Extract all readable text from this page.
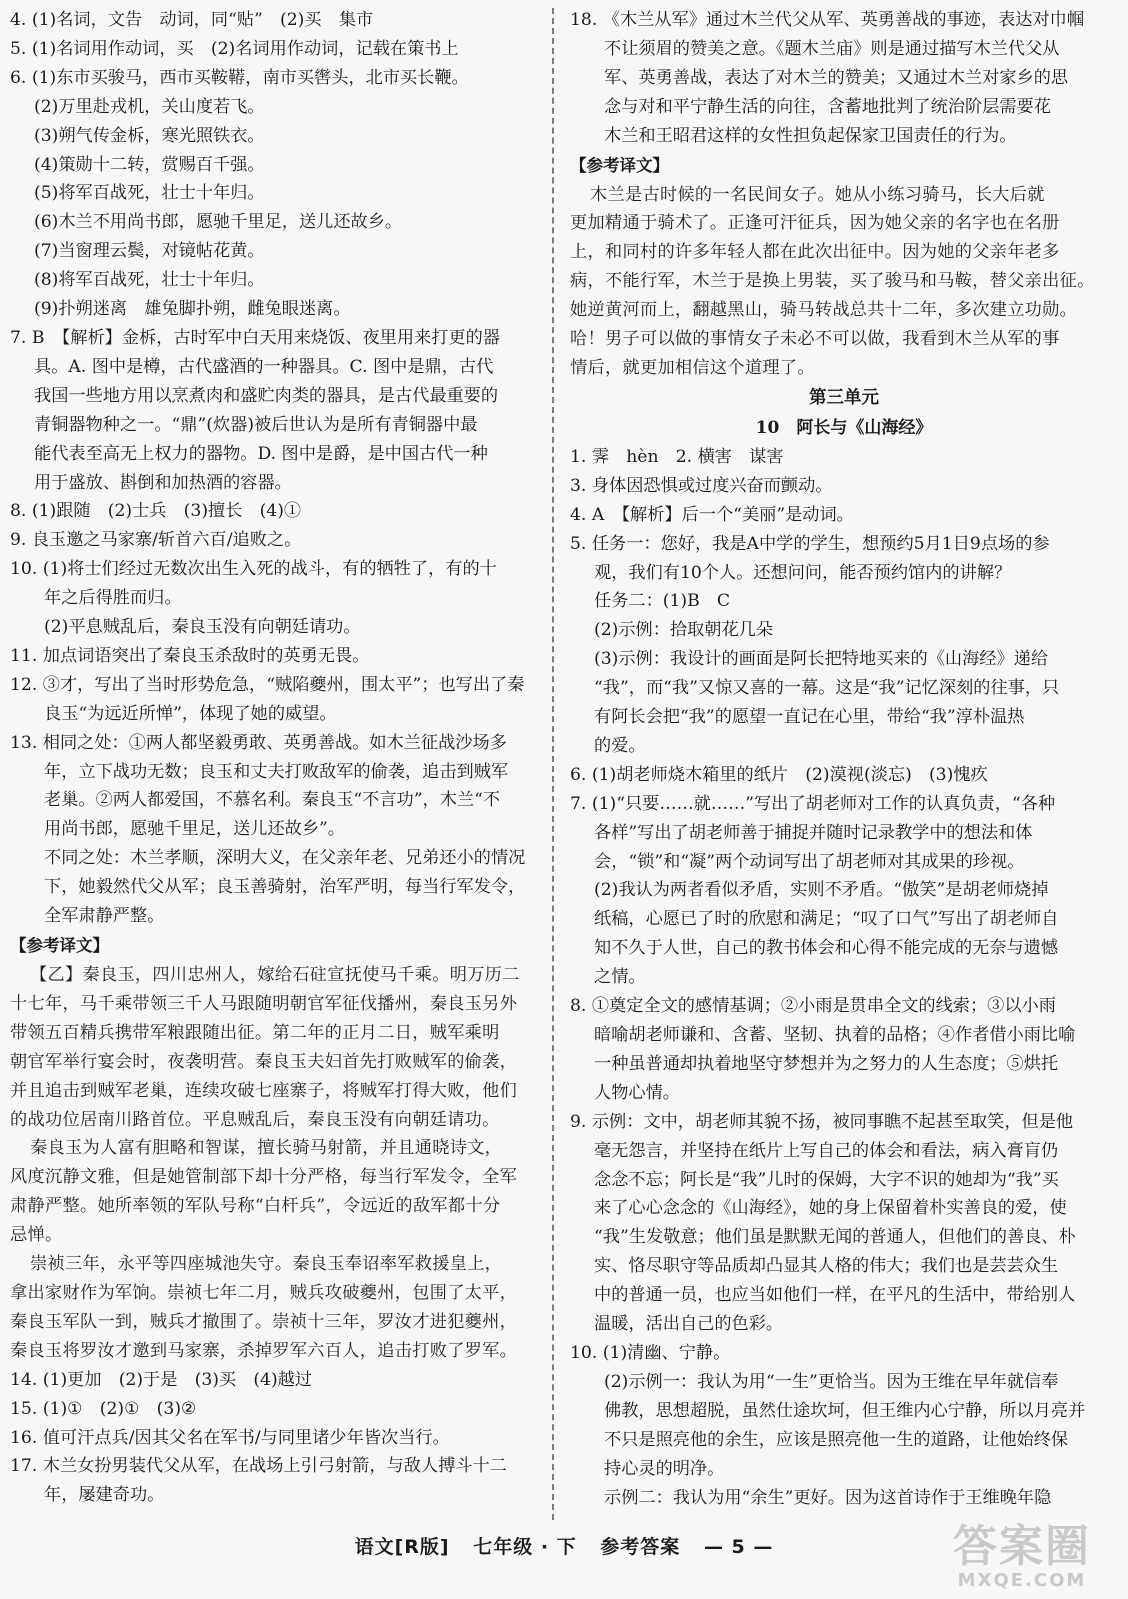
4. (1)名词，文告　动词，同“贴”　(2)买　集市
5. (1)名词用作动词，买　(2)名词用作动词，记载在策书上
6. (1)东市买骏马，西市买鞍鞯，南市买辔头，北市买长鞭。
(2)万里赴戎机，关山度若飞。
(3)朔气传金柝，寒光照铁衣。
(4)策勋十二转，赏赐百千强。
(5)将军百战死，壮士十年归。
(6)木兰不用尚书郎，愿驰千里足，送儿还故乡。
(7)当窗理云鬓，对镜帖花黄。
(8)将军百战死，壮士十年归。
(9)扑朔迷离　雄兔脚扑朔，雌兔眼迷离。
7. B　【解析】金柝，古时军中白天用来烧饭、夜里用来打更的器
具。A. 图中是樽，古代盛酒的一种器具。C. 图中是鼎，古代
我国一些地方用以烹煮肉和盛贮肉类的器具，是古代最重要的
青铜器物种之一。“鼎”(炊器)被后世认为是所有青铜器中最
能代表至高无上权力的器物。D. 图中是爵，是中国古代一种
用于盛放、斟倒和加热酒的容器。
8. (1)跟随　(2)士兵　(3)擅长　(4)①
9. 良玉邀之马家寨/斩首六百/追败之。
10. (1)将士们经过无数次出生入死的战斗，有的牺牲了，有的十
年之后得胜而归。
(2)平息贼乱后，秦良玉没有向朝廷请功。
11. 加点词语突出了秦良玉杀敌时的英勇无畏。
12. ③才，写出了当时形势危急，“贼陷夔州，围太平”；也写出了秦
良玉“为远近所惮”，体现了她的威望。
13. 相同之处：①两人都坚毅勇敢、英勇善战。如木兰征战沙场多
年，立下战功无数；良玉和丈夫打败敌军的偷袭，追击到贼军
老巢。②两人都爱国，不慕名利。秦良玉“不言功”，木兰“不
用尚书郎，愿驰千里足，送儿还故乡”。
不同之处：木兰孝顺，深明大义，在父亲年老、兄弟还小的情况
下，她毅然代父从军；良玉善骑射，治军严明，每当行军发令，
全军肃静严整。
【参考译文】
【乙】秦良玉，四川忠州人，嫁给石砫宣抚使马千乘。明万历二
十七年，马千乘带领三千人马跟随明朝官军征伐播州，秦良玉另外
带领五百精兵携带军粮跟随出征。第二年的正月二日，贼军乘明
朝官军举行宴会时，夜袭明营。秦良玉夫妇首先打败贼军的偷袭，
并且追击到贼军老巢，连续攻破七座寨子，将贼军打得大败，他们
的战功位居南川路首位。平息贼乱后，秦良玉没有向朝廷请功。
秦良玉为人富有胆略和智谋，擅长骑马射箭，并且通晓诗文，
风度沉静文雅，但是她管制部下却十分严格，每当行军发令，全军
肃静严整。她所率领的军队号称“白杆兵”，令远近的敌军都十分
忌惮。
崇祯三年，永平等四座城池失守。秦良玉奉诏率军救援皇上，
拿出家财作为军饷。崇祯七年二月，贼兵攻破夔州，包围了太平，
秦良玉军队一到，贼兵才撤围了。崇祯十三年，罗汝才进犯夔州，
秦良玉将罗汝才邀到马家寨，杀掉罗军六百人，追击打败了罗军。
14. (1)更加　(2)于是　(3)买　(4)越过
15. (1)①　(2)①　(3)②
16. 值可汗点兵/因其父名在军书/与同里诸少年皆次当行。
17. 木兰女扮男装代父从军，在战场上引弓射箭，与敌人搏斗十二
年，屡建奇功。
18. 《木兰从军》通过木兰代父从军、英勇善战的事迹，表达对巾帼
不让须眉的赞美之意。《题木兰庙》则是通过描写木兰代父从
军、英勇善战，表达了对木兰的赞美；又通过木兰对家乡的思
念与对和平宁静生活的向往，含蓄地批判了统治阶层需要花
木兰和王昭君这样的女性担负起保家卫国责任的行为。
【参考译文】
木兰是古时候的一名民间女子。她从小练习骑马，长大后就
更加精通于骑术了。正逢可汗征兵，因为她父亲的名字也在名册
上，和同村的许多年轻人都在此次出征中。因为她的父亲年老多
病，不能行军，木兰于是换上男装，买了骏马和马鞍，替父亲出征。
她逆黄河而上，翻越黑山，骑马转战总共十二年，多次建立功勋。
哈！男子可以做的事情女子未必不可以做，我看到木兰从军的事
情后，就更加相信这个道理了。
第三单元
10　阿长与《山海经》
1. 霁　hèn　2. 横害　谋害
3. 身体因恐惧或过度兴奋而颤动。
4. A　【解析】后一个“美丽”是动词。
5. 任务一：您好，我是A中学的学生，想预约5月1日9点场的参
观，我们有10个人。还想问问，能否预约馆内的讲解？
任务二：(1)B　C
(2)示例：拾取朝花几朵
(3)示例：我设计的画面是阿长把特地买来的《山海经》递给
“我”，而“我”又惊又喜的一幕。这是“我”记忆深刻的往事，只
有阿长会把“我”的愿望一直记在心里，带给“我”淳朴温热
的爱。
6. (1)胡老师烧木箱里的纸片　(2)漠视(淡忘)　(3)愧疚
7. (1)“只要……就……”写出了胡老师对工作的认真负责，“各种
各样”写出了胡老师善于捕捉并随时记录教学中的想法和体
会，“锁”和“凝”两个动词写出了胡老师对其成果的珍视。
(2)我认为两者看似矛盾，实则不矛盾。“傲笑”是胡老师烧掉
纸稿，心愿已了时的欣慰和满足；“叹了口气”写出了胡老师自
知不久于人世，自己的教书体会和心得不能完成的无奈与遗憾
之情。
8. ①奠定全文的感情基调；②小雨是贯串全文的线索；③以小雨
暗喻胡老师谦和、含蓄、坚韧、执着的品格；④作者借小雨比喻
一种虽普通却执着地坚守梦想并为之努力的人生态度；⑤烘托
人物心情。
9. 示例：文中，胡老师其貌不扬，被同事瞧不起甚至取笑，但是他
毫无怨言，并坚持在纸片上写自己的体会和看法，病入膏肓仍
念念不忘；阿长是“我”儿时的保姆，大字不识的她却为“我”买
来了心心念念的《山海经》，她的身上保留着朴实善良的爱，使
“我”生发敬意；他们虽是默默无闻的普通人，但他们的善良、朴
实、恪尽职守等品质却凸显其人格的伟大；我们也是芸芸众生
中的普通一员，也应当如他们一样，在平凡的生活中，带给别人
温暖，活出自己的色彩。
10. (1)清幽、宁静。
(2)示例一：我认为用“一生”更恰当。因为王维在早年就信奉
佛教，思想超脱，虽然仕途坎坷，但王维内心宁静，所以月亮并
不只是照亮他的余生，应该是照亮他一生的道路，让他始终保
持心灵的明净。
示例二：我认为用“余生”更好。因为这首诗作于王维晚年隐
语文[R版] 七年级 · 下 参考答案 — 5 —	答案圈
MXQE.COM
